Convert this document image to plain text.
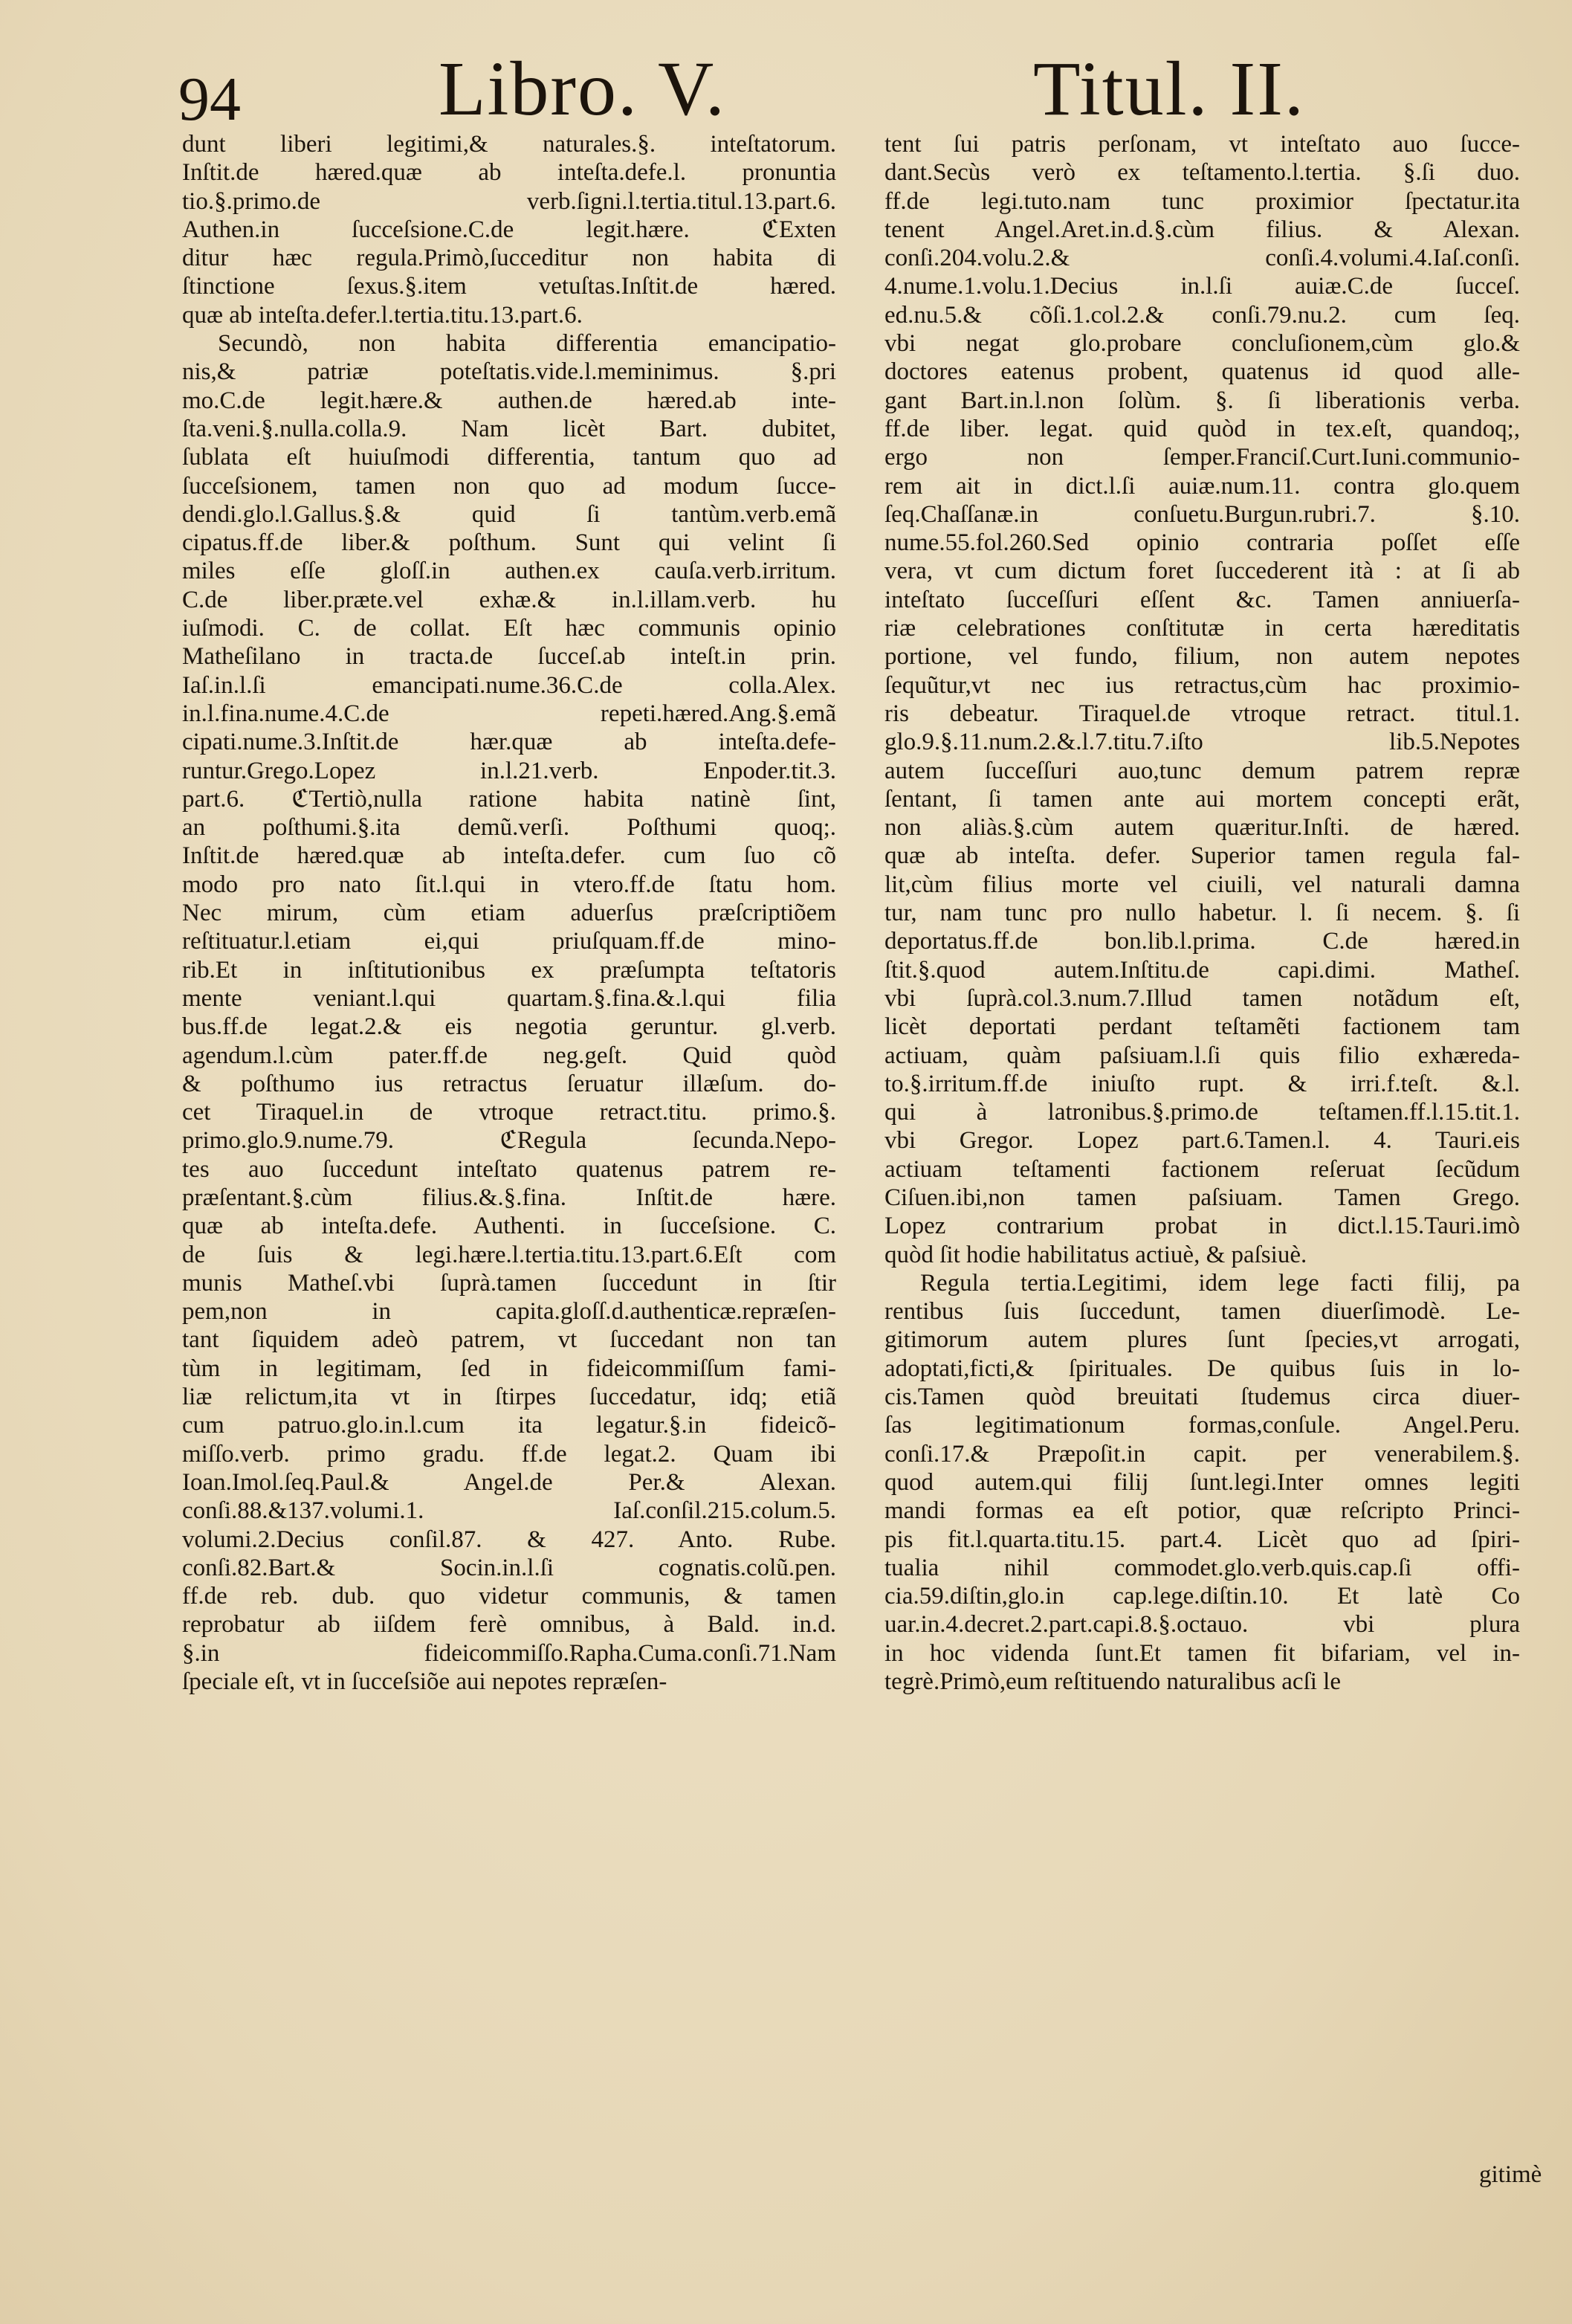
94	Libro. V.	Titul. II.
dunt liberi legitimi,& naturales.§. inteſtatorum.
Inſtit.de hæred.quæ ab inteſta.defe.l. pronuntia
tio.§.primo.de verb.ſigni.l.tertia.titul.13.part.6.
Authen.in ſucceſsione.C.de legit.hære. ℭExten
ditur hæc regula.Primò,ſucceditur non habita di
ſtinctione ſexus.§.item vetuſtas.Inſtit.de hæred.
quæ ab inteſta.defer.l.tertia.titu.13.part.6.
Secundò, non habita differentia emancipatio-
nis,& patriæ poteſtatis.vide.l.meminimus. §.pri
mo.C.de legit.hære.& authen.de hæred.ab inte-
ſta.veni.§.nulla.colla.9. Nam licèt Bart. dubitet,
ſublata eſt huiuſmodi differentia, tantum quo ad
ſucceſsionem, tamen non quo ad modum ſucce-
dendi.glo.l.Gallus.§.& quid ſi tantùm.verb.emã
cipatus.ff.de liber.& poſthum. Sunt qui velint ſi
miles eſſe gloſſ.in authen.ex cauſa.verb.irritum.
C.de liber.præte.vel exhæ.& in.l.illam.verb. hu
iuſmodi. C. de collat. Eſt hæc communis opinio
Matheſilano in tracta.de ſucceſ.ab inteſt.in prin.
Iaſ.in.l.ſi emancipati.nume.36.C.de colla.Alex.
in.l.fina.nume.4.C.de repeti.hæred.Ang.§.emã
cipati.nume.3.Inſtit.de hær.quæ ab inteſta.defe-
runtur.Grego.Lopez in.l.21.verb. Enpoder.tit.3.
part.6. ℭTertiò,nulla ratione habita natinè ſint,
an poſthumi.§.ita demũ.verſi. Poſthumi quoq;.
Inſtit.de hæred.quæ ab inteſta.defer. cum ſuo cõ
modo pro nato ſit.l.qui in vtero.ff.de ſtatu hom.
Nec mirum, cùm etiam aduerſus præſcriptiõem
reſtituatur.l.etiam ei,qui priuſquam.ff.de mino-
rib.Et in inſtitutionibus ex præſumpta teſtatoris
mente veniant.l.qui quartam.§.fina.&.l.qui filia
bus.ff.de legat.2.& eis negotia geruntur. gl.verb.
agendum.l.cùm pater.ff.de neg.geſt. Quid quòd
& poſthumo ius retractus ſeruatur illæſum. do-
cet Tiraquel.in de vtroque retract.titu. primo.§.
primo.glo.9.nume.79. ℭRegula ſecunda.Nepo-
tes auo ſuccedunt inteſtato quatenus patrem re-
præſentant.§.cùm filius.&.§.fina. Inſtit.de hære.
quæ ab inteſta.defe. Authenti. in ſucceſsione. C.
de ſuis & legi.hære.l.tertia.titu.13.part.6.Eſt com
munis Matheſ.vbi ſuprà.tamen ſuccedunt in ſtir
pem,non in capita.gloſſ.d.authenticæ.repræſen-
tant ſiquidem adeò patrem, vt ſuccedant non tan
tùm in legitimam, ſed in fideicommiſſum fami-
liæ relictum,ita vt in ſtirpes ſuccedatur, idq; etiã
cum patruo.glo.in.l.cum ita legatur.§.in fideicõ-
miſſo.verb. primo gradu. ff.de legat.2. Quam ibi
Ioan.Imol.ſeq.Paul.& Angel.de Per.& Alexan.
conſi.88.&137.volumi.1. Iaſ.conſil.215.colum.5.
volumi.2.Decius conſil.87. & 427. Anto. Rube.
conſi.82.Bart.& Socin.in.l.ſi cognatis.colũ.pen.
ff.de reb. dub. quo videtur communis, & tamen
reprobatur ab iiſdem ferè omnibus, à Bald. in.d.
§.in fideicommiſſo.Rapha.Cuma.conſi.71.Nam
ſpeciale eſt, vt in ſucceſsiõe aui nepotes repræſen-
tent ſui patris perſonam, vt inteſtato auo ſucce-
dant.Secùs verò ex teſtamento.l.tertia. §.ſi duo.
ff.de legi.tuto.nam tunc proximior ſpectatur.ita
tenent Angel.Aret.in.d.§.cùm filius. & Alexan.
conſi.204.volu.2.& conſi.4.volumi.4.Iaſ.conſi.
4.nume.1.volu.1.Decius in.l.ſi auiæ.C.de ſucceſ.
ed.nu.5.& cõſi.1.col.2.& conſi.79.nu.2. cum ſeq.
vbi negat glo.probare concluſionem,cùm glo.&
doctores eatenus probent, quatenus id quod alle-
gant Bart.in.l.non ſolùm. §. ſi liberationis verba.
ff.de liber. legat. quid quòd in tex.eſt, quandoq;,
ergo non ſemper.Franciſ.Curt.Iuni.communio-
rem ait in dict.l.ſi auiæ.num.11. contra glo.quem
ſeq.Chaſſanæ.in conſuetu.Burgun.rubri.7. §.10.
nume.55.fol.260.Sed opinio contraria poſſet eſſe
vera, vt cum dictum foret ſuccederent ità : at ſi ab
inteſtato ſucceſſuri eſſent &c. Tamen anniuerſa-
riæ celebrationes conſtitutæ in certa hæreditatis
portione, vel fundo, filium, non autem nepotes
ſequũtur,vt nec ius retractus,cùm hac proximio-
ris debeatur. Tiraquel.de vtroque retract. titul.1.
glo.9.§.11.num.2.&.l.7.titu.7.iſto lib.5.Nepotes
autem ſucceſſuri auo,tunc demum patrem repræ
ſentant, ſi tamen ante aui mortem concepti erãt,
non aliàs.§.cùm autem quæritur.Inſti. de hæred.
quæ ab inteſta. defer. Superior tamen regula fal-
lit,cùm filius morte vel ciuili, vel naturali damna
tur, nam tunc pro nullo habetur. l. ſi necem. §. ſi
deportatus.ff.de bon.lib.l.prima. C.de hæred.in
ſtit.§.quod autem.Inſtitu.de capi.dimi. Matheſ.
vbi ſuprà.col.3.num.7.Illud tamen notãdum eſt,
licèt deportati perdant teſtamẽti factionem tam
actiuam, quàm paſsiuam.l.ſi quis filio exhæreda-
to.§.irritum.ff.de iniuſto rupt. & irri.f.teſt. &.l.
qui à latronibus.§.primo.de teſtamen.ff.l.15.tit.1.
vbi Gregor. Lopez part.6.Tamen.l. 4. Tauri.eis
actiuam teſtamenti factionem reſeruat ſecũdum
Ciſuen.ibi,non tamen paſsiuam. Tamen Grego.
Lopez contrarium probat in dict.l.15.Tauri.imò
quòd ſit hodie habilitatus actiuè, & paſsiuè.
Regula tertia.Legitimi, idem lege facti filij, pa
rentibus ſuis ſuccedunt, tamen diuerſimodè. Le-
gitimorum autem plures ſunt ſpecies,vt arrogati,
adoptati,ficti,& ſpirituales. De quibus ſuis in lo-
cis.Tamen quòd breuitati ſtudemus circa diuer-
ſas legitimationum formas,conſule. Angel.Peru.
conſi.17.& Præpoſit.in capit. per venerabilem.§.
quod autem.qui filij ſunt.legi.Inter omnes legiti
mandi formas ea eſt potior, quæ reſcripto Princi-
pis fit.l.quarta.titu.15. part.4. Licèt quo ad ſpiri-
tualia nihil commodet.glo.verb.quis.cap.ſi offi-
cia.59.diſtin,glo.in cap.lege.diſtin.10. Et latè Co
uar.in.4.decret.2.part.capi.8.§.octauo. vbi plura
in hoc videnda ſunt.Et tamen fit bifariam, vel in-
tegrè.Primò,eum reſtituendo naturalibus acſi le
gitimè
